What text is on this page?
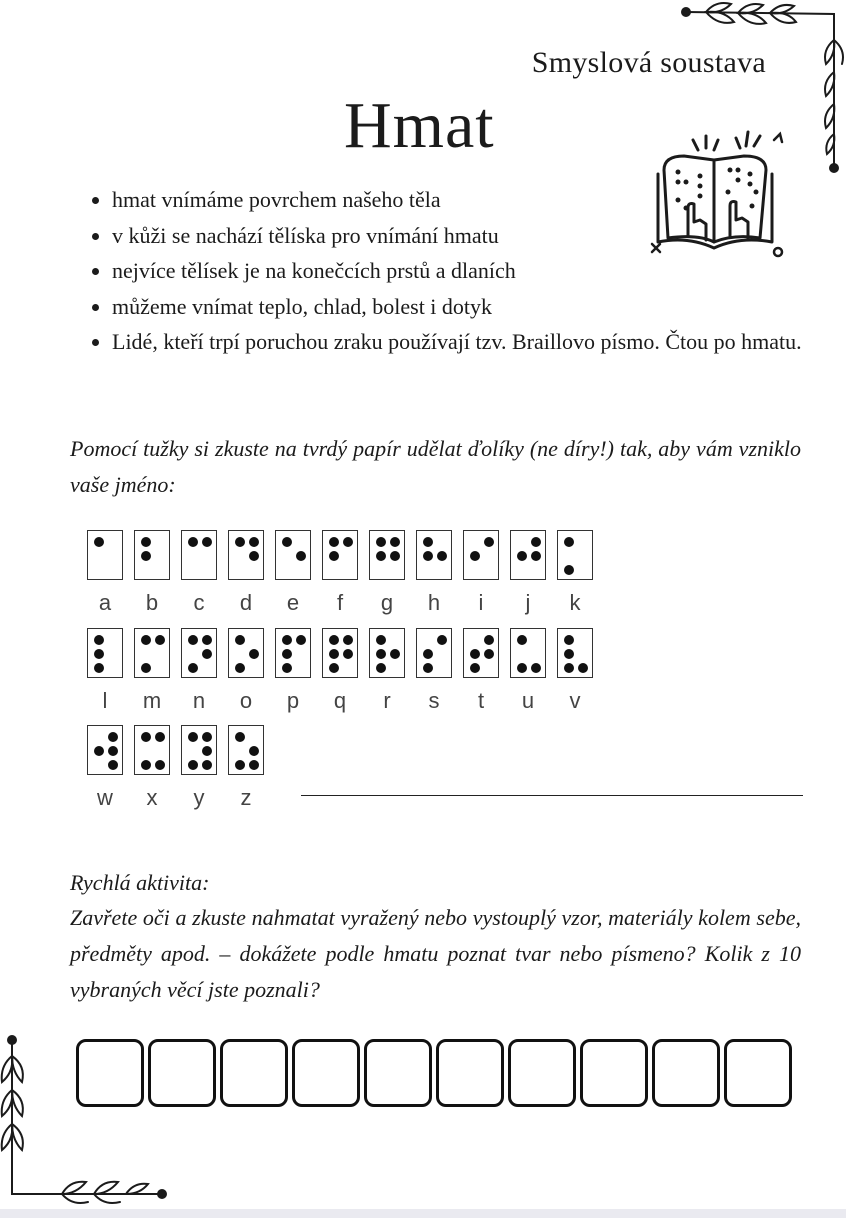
Smyslová soustava
Hmat
• hmat vnímáme povrchem našeho těla
• v kůži se nachází tělíska pro vnímání hmatu
• nejvíce tělísek je na konečcích prstů a dlaních
• můžeme vnímat teplo, chlad, bolest i dotyk
• Lidé, kteří trpí poruchou zraku používají tzv. Braillovo písmo. Čtou po hmatu.

Pomocí tužky si zkuste na tvrdý papír udělat ďolíky (ne díry!) tak, aby vám vzniklo vaše jméno:

a b c d e f g h i j k
l m n o p q r s t u v
w x y z

Rychlá aktivita:

Zavřete oči a zkuste nahmatat vyražený nebo vystouplý vzor, materiály kolem sebe, předměty apod. – dokážete podle hmatu poznat tvar nebo písmeno? Kolik z 10 vybraných věcí jste poznali?
